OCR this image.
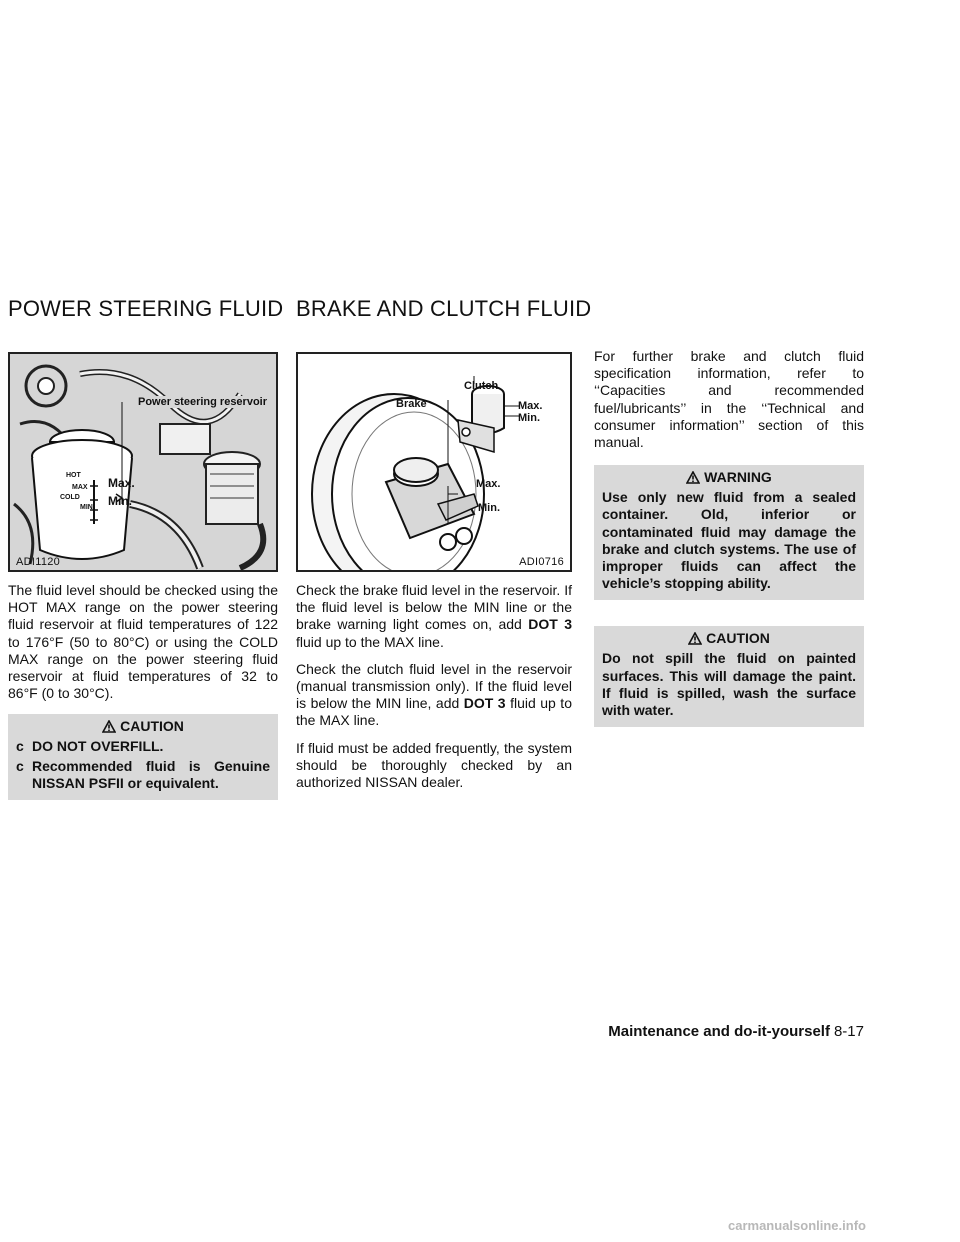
POWER STEERING FLUID BRAKE AND CLUTCH FLUID
Power steering reservoir
HOT
MAX
COLD
MIN
Max.
Min.
ADI1120

The fluid level should be checked using the HOT MAX range on the power steering fluid reservoir at fluid temperatures of 122 to 176°F (50 to 80°C) or using the COLD MAX range on the power steering fluid reservoir at fluid temperatures of 32 to 86°F (0 to 30°C).

CAUTION
c DO NOT OVERFILL.
c Recommended fluid is Genuine NISSAN PSFII or equivalent.
Brake
Clutch
Max.
Min.
Max.
Min.
ADI0716

Check the brake fluid level in the reservoir. If the fluid level is below the MIN line or the brake warning light comes on, add DOT 3 fluid up to the MAX line.

Check the clutch fluid level in the reservoir (manual transmission only). If the fluid level is below the MIN line, add DOT 3 fluid up to the MAX line.

If fluid must be added frequently, the system should be thoroughly checked by an authorized NISSAN dealer.

For further brake and clutch fluid specification information, refer to ‘‘Capacities and recommended fuel/lubricants’’ in the ‘‘Technical and consumer information’’ section of this manual.

WARNING
Use only new fluid from a sealed container. Old, inferior or contaminated fluid may damage the brake and clutch systems. The use of improper fluids can affect the vehicle’s stopping ability.
CAUTION
Do not spill the fluid on painted surfaces. This will damage the paint. If fluid is spilled, wash the surface with water.
Maintenance and do-it-yourself 8-17
carmanualsonline.info
